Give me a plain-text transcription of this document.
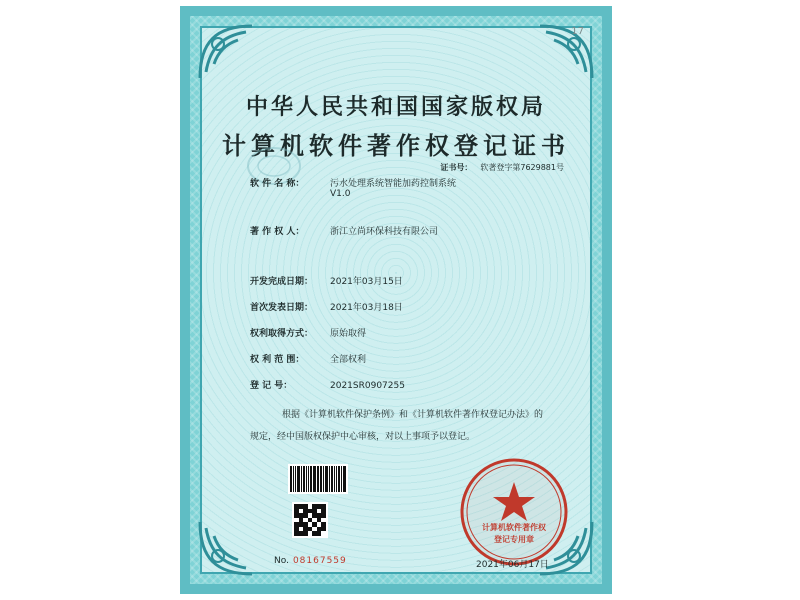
17
中华人民共和国国家版权局
计算机软件著作权登记证书
证书号： 软著登字第7629881号
软 件 名 称：	污水处理系统智能加药控制系统
V1.0
著 作 权 人：	浙江立尚环保科技有限公司
开发完成日期： 2021年03月15日
首次发表日期： 2021年03月18日
权利取得方式： 原始取得
权 利 范 围：	全部权利
登 记 号：	2021SR0907255
根据《计算机软件保护条例》和《计算机软件著作权登记办法》的
规定，经中国版权保护中心审核，对以上事项予以登记。
No. 08167559
计算机软件著作权
登记专用章
2021年06月17日
